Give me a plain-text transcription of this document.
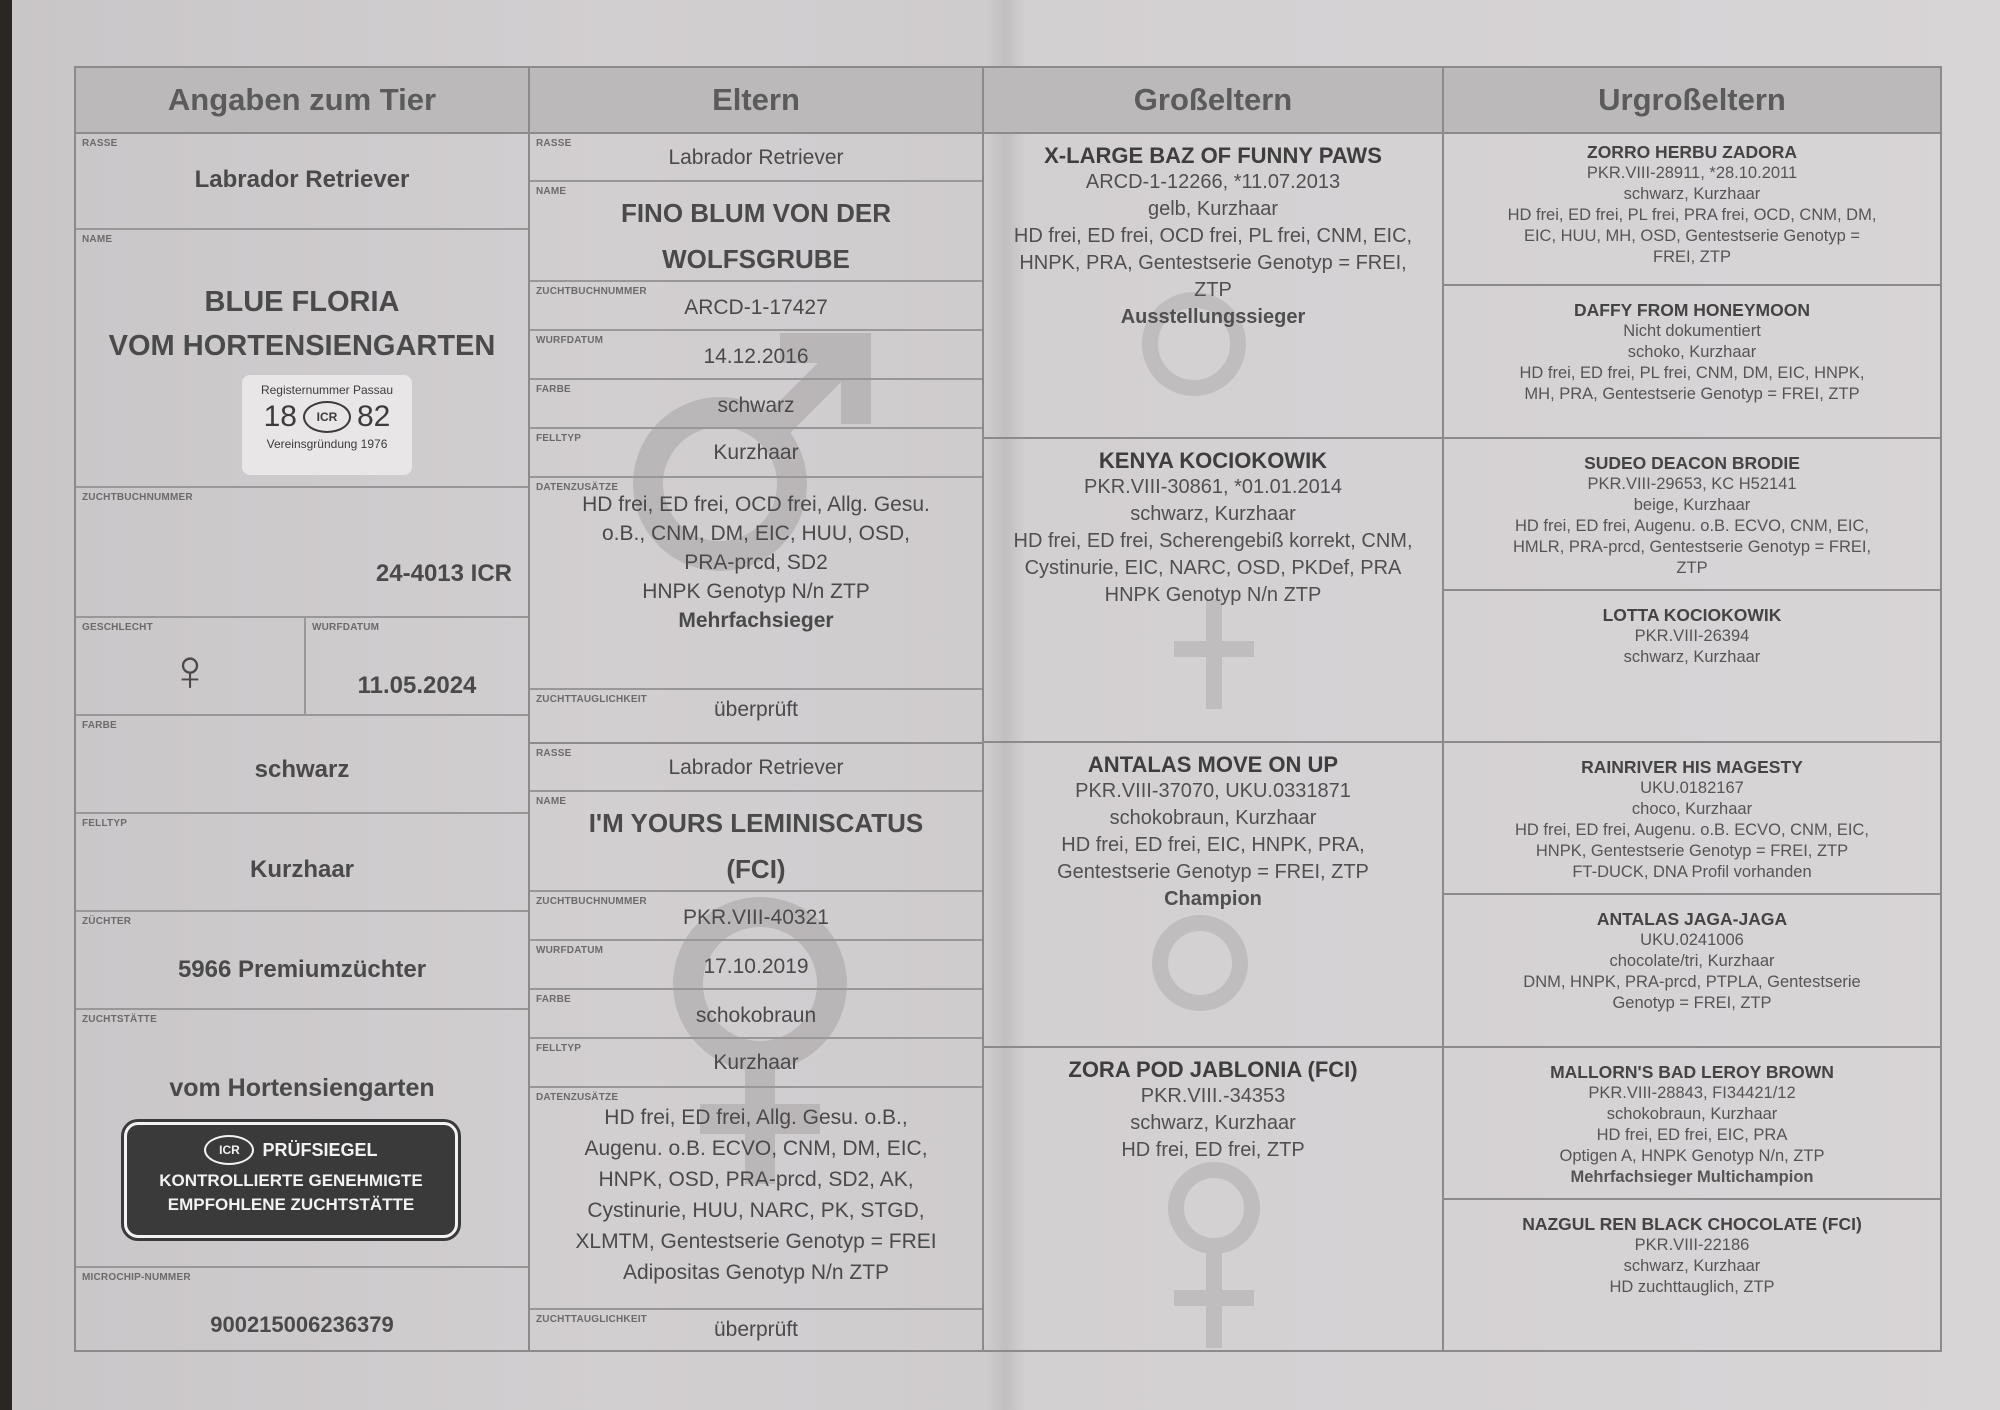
Angaben zum Tier
RASSE
Labrador Retriever
NAME
BLUE FLORIA
VOM HORTENSIENGARTEN
Registernummer Passau
18	ICR 82
Vereinsgründung 1976
ZUCHTBUCHNUMMER
24-4013 ICR
GESCHLECHT
♀
WURFDATUM
11.05.2024
FARBE
schwarz
FELLTYP
Kurzhaar
ZÜCHTER
5966 Premiumzüchter
ZUCHTSTÄTTE
vom Hortensiengarten
ICR	PRÜFSIEGEL
KONTROLLIERTE GENEHMIGTE
EMPFOHLENE ZUCHTSTÄTTE
MICROCHIP-NUMMER
900215006236379
Eltern
RASSE
Labrador Retriever
NAME
FINO BLUM VON DER
WOLFSGRUBE
ZUCHTBUCHNUMMER
ARCD-1-17427
WURFDATUM
14.12.2016
FARBE
schwarz
FELLTYP
Kurzhaar
DATENZUSÄTZE
HD frei, ED frei, OCD frei, Allg. Gesu.
o.B., CNM, DM, EIC, HUU, OSD,
PRA-prcd, SD2
HNPK Genotyp N/n ZTP
Mehrfachsieger
ZUCHTTAUGLICHKEIT	überprüft
RASSE
Labrador Retriever
NAME
I'M YOURS LEMINISCATUS
(FCI)
ZUCHTBUCHNUMMER
PKR.VIII-40321
WURFDATUM
17.10.2019
FARBE
schokobraun
FELLTYP
Kurzhaar
DATENZUSÄTZE
HD frei, ED frei, Allg. Gesu. o.B.,
Augenu. o.B. ECVO, CNM, DM, EIC,
HNPK, OSD, PRA-prcd, SD2, AK,
Cystinurie, HUU, NARC, PK, STGD,
XLMTM, Gentestserie Genotyp = FREI
Adipositas Genotyp N/n ZTP
ZUCHTTAUGLICHKEIT	überprüft
Großeltern
X-LARGE BAZ OF FUNNY PAWS
ARCD-1-12266, *11.07.2013
gelb, Kurzhaar
HD frei, ED frei, OCD frei, PL frei, CNM, EIC,
HNPK, PRA, Gentestserie Genotyp = FREI,
ZTP
Ausstellungssieger
KENYA KOCIOKOWIK
PKR.VIII-30861, *01.01.2014
schwarz, Kurzhaar
HD frei, ED frei, Scherengebiß korrekt, CNM,
Cystinurie, EIC, NARC, OSD, PKDef, PRA
HNPK Genotyp N/n ZTP
ANTALAS MOVE ON UP
PKR.VIII-37070, UKU.0331871
schokobraun, Kurzhaar
HD frei, ED frei, EIC, HNPK, PRA,
Gentestserie Genotyp = FREI, ZTP
Champion
ZORA POD JABLONIA (FCI)
PKR.VIII.-34353
schwarz, Kurzhaar
HD frei, ED frei, ZTP
Urgroßeltern
ZORRO HERBU ZADORA
PKR.VIII-28911, *28.10.2011
schwarz, Kurzhaar
HD frei, ED frei, PL frei, PRA frei, OCD, CNM, DM,
EIC, HUU, MH, OSD, Gentestserie Genotyp =
FREI, ZTP
DAFFY FROM HONEYMOON
Nicht dokumentiert
schoko, Kurzhaar
HD frei, ED frei, PL frei, CNM, DM, EIC, HNPK,
MH, PRA, Gentestserie Genotyp = FREI, ZTP
SUDEO DEACON BRODIE
PKR.VIII-29653, KC H52141
beige, Kurzhaar
HD frei, ED frei, Augenu. o.B. ECVO, CNM, EIC,
HMLR, PRA-prcd, Gentestserie Genotyp = FREI,
ZTP
LOTTA KOCIOKOWIK
PKR.VIII-26394
schwarz, Kurzhaar
RAINRIVER HIS MAGESTY
UKU.0182167
choco, Kurzhaar
HD frei, ED frei, Augenu. o.B. ECVO, CNM, EIC,
HNPK, Gentestserie Genotyp = FREI, ZTP
FT-DUCK, DNA Profil vorhanden
ANTALAS JAGA-JAGA
UKU.0241006
chocolate/tri, Kurzhaar
DNM, HNPK, PRA-prcd, PTPLA, Gentestserie
Genotyp = FREI, ZTP
MALLORN'S BAD LEROY BROWN
PKR.VIII-28843, FI34421/12
schokobraun, Kurzhaar
HD frei, ED frei, EIC, PRA
Optigen A, HNPK Genotyp N/n, ZTP
Mehrfachsieger Multichampion
NAZGUL REN BLACK CHOCOLATE (FCI)
PKR.VIII-22186
schwarz, Kurzhaar
HD zuchttauglich, ZTP
